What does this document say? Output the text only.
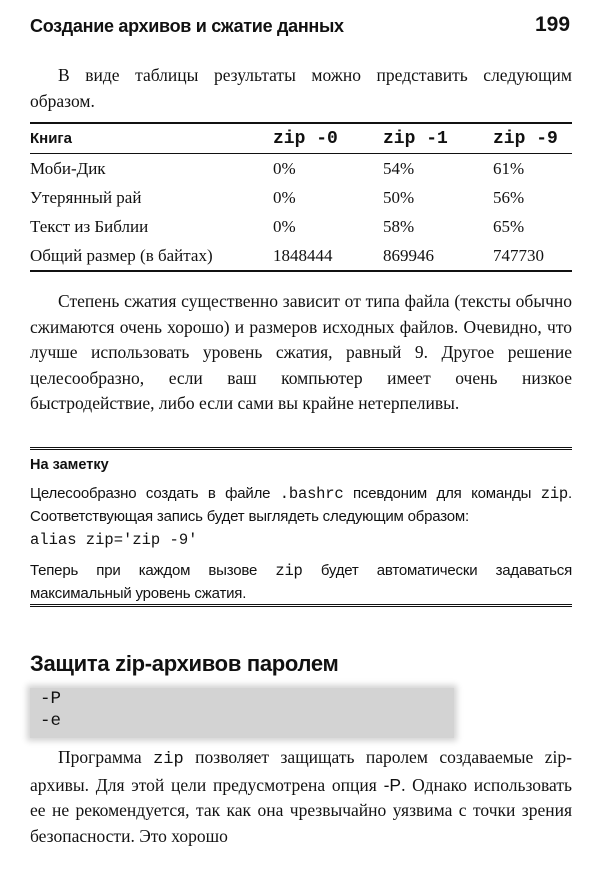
Создание архивов и сжатие данных	199
В виде таблицы результаты можно представить следующим образом.
Книга	zip -0	zip -1	zip -9
Моби-Дик	0%	54%	61%
Утерянный рай	0%	50%	56%
Текст из Библии	0%	58%	65%
Общий размер (в байтах)	1848444	869946	747730
Степень сжатия существенно зависит от типа файла (тексты обычно сжимаются очень хорошо) и размеров исходных файлов. Очевидно, что лучше использовать уровень сжатия, равный 9. Другое решение целесообразно, если ваш компьютер имеет очень низкое быстродействие, либо если сами вы крайне нетерпеливы.
На заметку
Целесообразно создать в файле .bashrc псевдоним для команды zip. Соответствующая запись будет выглядеть следующим образом:
alias zip='zip -9'
Теперь при каждом вызове zip будет автоматически задаваться максимальный уровень сжатия.
Защита zip-архивов паролем
-P
-e
Программа zip позволяет защищать паролем создаваемые zip-архивы. Для этой цели предусмотрена опция -P. Однако использовать ее не рекомендуется, так как она чрезвычайно уязвима с точки зрения безопасности. Это хорошо
